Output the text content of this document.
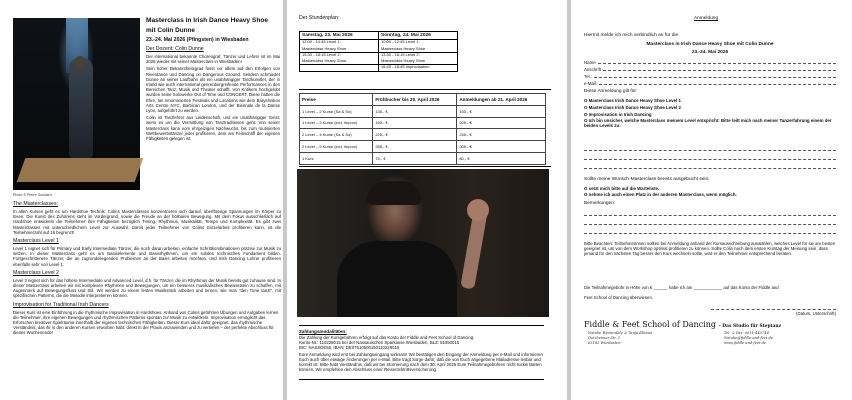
Photo © Pierre Gondard
Masterclass in Irish Dance Heavy Shoe
mit Colin Dunne
23.-24. Mai 2026 (Pfingsten) in Wiesbaden
Der Dozent: Colin Dunne

Der international bekannte Choreograf, Tänzer und Lehrer ist im Mai 2026 wieder mit seiner Masterclass in Wiesbaden!

Sein hoher Bekanntheitsgrad fusst vor allem auf den Erfolgen von Riverdance und Dancing on Dangerous Ground. Seitdem schmiedet Dunne an seiner Laufbahn als ein unabhängiger Tanzkünstler, der in Irland wie auch international genreübergreifende Performances in den Bereichen Tanz, Musik und Theater schafft. Von Kritikern hochgelobt wurden seine Solowerke Out of Time und CONCERT. Diese hatten die Ehre, bei renommierten Festivals und Locations wie dem Baryshnikov Arts Centre NYC, Barbican London, und der Biennale de la Danse Lyon, aufgeführt zu werden.

Colin ist Tanzlehrer aus Leidenschaft, und ein unabhängiger Geist, wenn es um die Vermittlung von Tanztraditionen geht. Von seiner Masterclass kann vom ehrgeizigen Nachwuchs, bis zum routinierten Wettbewerbstänzer jeder profitieren, dem am Feinschliff der eigenen Fähigkeiten gelegen ist.

The Masterclasses:

In allen Kursen geht es um Hardshoe Technik: Colins Masterclasses konzentrieren sich darauf, überflüssige Spannungen im Körper zu lösen. Die Kunst des Zuhörens steht im Vordergrund, sowie die Freude an der hörbaren Bewegung. Mit dem Fokus ausschließlich auf Hardshoe entwickeln die Teilnehmer ihre Fähigkeiten bezüglich Timing, Rhythmus, Musikalität, Tempo und Komplexität. Es gibt zwei Masterclasses mit unterschiedlichem Level zur Auswahl. Damit jeder Teilnehmer von Colins Einzelarbeit profitieren kann, ist die Teilnehmerzahl auf 16 begrenzt!

Masterclass Level 1

Level 1 eignet sich für Primary und Early Intermediate Tänzer, die noch daran arbeiten, einfache Schrittkombinationen präzise zur Musik zu setzen. In dieser Masterclass geht es um Basiselemente und Basisrhythmen, um ein solides technisches Fundament bilden. Fortgeschrittenere Tänzer, die an zugrundeliegenden Problemen an der Basis arbeiten möchten, und Irish Dancing Lehrer profitieren ebenfalls sehr von Level 1.

Masterclass Level 2

Level 2 eignet sich für das höhere Intermediate und Advanced Level, d.h. für Tänzer, die im Rhythmus der Musik bereits gut zuhause sind. In dieser Masterclass arbeiten wir mit komplexen Rhythmen und Bewegungen, um ein besseres musikalisches Bewusstsein zu schaffen, mit Augenmerk auf Bewegungsfluss und Stil. Wir werden zu einem festen Musikstück arbeiten und lernen, wie man "den Tune tanzt", mit spezifischen Patterns, die die Melodie interpretieren können.

Improvisation for Traditional Irish Dancers

Dieser Kurs ist eine Einführung in die rhythmische Improvisation in Hardshoes. Anhand von Colins geführten Übungen und Aufgaben lernen die Teilnehmer, ihre eigenen Bewegungen und rhythmischen Patterns spontan zur Musik zu entwickeln. Improvisation ermöglicht das Erforschen kreativer Spielräume innerhalb der eigenen technischen Fähigkeiten. Dieser Kurs ideal dafür geeignet, das rhythmische Verständnis, das ihr in den anderen Kursen erworben habt, direkt in der Praxis anzuwenden und zu vertiefen – der perfekte Abschluss für dieses Wochenende!

Der Stundenplan:
Samstag, 23. Mai 2026	Sonntag, 24. Mai 2026
12:00 - 14:45 Level 1:	10:00 - 12:45 Level 1:
Masterclass Heavy Shoe	Masterclass Heavy Shoe
15:30 - 18:15 Level 2:	13:30 - 16:15 Level 2:
Masterclass Heavy Shoe	Masterclass Heavy Shoe
	16:45 - 18:45 Improvisation
Preise	Frühbucher bis 20. April 2026	Anmeldungen ab 21. April 2026
1 Level – 2 Kurse (Sa & So)	135,- €	150,- €
1 Level – 3 Kurse (incl. Improv)	190,- €	205,- €
2 Level – 4 Kurse (Sa & So)	225,- €	245,- €
2 Level – 5 Kurse (incl. Improv)	285,- €	305,- €
1 Kurs	75,- €	80,- €
Zahlungsmodalitäten:

Die Zahlung der Kursgebühren erfolgt auf das Konto der Fiddle and Feet School of Dancing:

Konto-Nr.: 110228015 bei der Nassauischen Sparkasse Wiesbaden, BLZ: 51050015

BIC: NASSDE55, IBAN: DE07510500150110228015

Eure Anmeldung wird erst bei Zahlungseingang wirksam! Wir bestätigen den Eingang der Anmeldung per e-Mail und informieren Euch auch über etwaige Änderungen per e-Mail. Bitte tragt Sorge dafür, daß die von Euch angegebene Mailadresse lesbar und korrekt ist. Bitte habt Verständnis, daß wir bei Stornierung nach dem 30. April 2026 Eure Teilnahmegebühren nicht rückerstatten können. Wir empfehlen den Abschluss einer Reiserücktrittsversicherung.

Anmeldung
Hiermit melde ich mich verbindlich an für die
Masterclass in Irish Dance Heavy Shoe mit Colin Dunne
23.-24. Mai 2026
Name
Anschrift
Tel.:
e-Mail:
Diese Anmeldung gilt für:
O Masterclass Irish Dance Heavy Shoe Level 1
O Masterclass Irish Dance Heavy Shoe Level 2
O Improvisation in Irish Dancing
O Ich bin unsicher, welche Masterclass meinem Level entspricht: Bitte teilt mich nach meiner Tanzerfahrung einem der beiden Levels zu:
Sollte meine Wunsch-Masterclass bereits ausgebucht sein:
O setzt mich bitte auf die Warteliste.
O nehme ich auch einen Platz in der anderen Masterclass, wenn möglich.
Bemerkungen:

Bitte Beachten: Teilnehmerinnen sollten bei Anmeldung anhand der Kursausschreibung auswählen, welches Level für sie am besten geeignet ist, um von dem Workshop optimal profitieren zu können. Sollte Colin nach dem ersten Kurstag der Meinung sein, dass jemand für den nächsten Tag besser den Kurs wechseln sollte, wird er den Teilnehmer entsprechend beraten.

Die Teilnahmegebühr in Höhe von € ______ habe ich am ____________ auf das Konto der Fiddle and

Feet School of Dancing überwiesen.

(Datum, Unterschrift)
Fiddle & Feet School of Dancing – Das Studio für Steptanz
Natalie Westerdale & Tanja Elitana
Dotzheimer Str. 1
65185 Wiesbaden
Tel. & Fax: 0611-445744
Natalie@fiddle-and-feet.de
www.fiddle-and-feet.de
